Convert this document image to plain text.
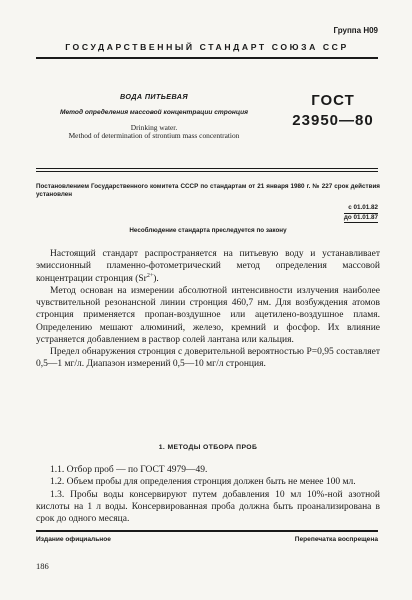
Группа Н09
ГОСУДАРСТВЕННЫЙ СТАНДАРТ СОЮЗА ССР
ВОДА ПИТЬЕВАЯ
Метод определения массовой концентрации стронция
Drinking water.
Method of determination of strontium mass concentration
ГОСТ
23950—80
Постановлением Государственного комитета СССР по стандартам от 21 января 1980 г. № 227 срок действия установлен
с 01.01.82
до 01.01.87
Несоблюдение стандарта преследуется по закону

Настоящий стандарт распространяется на питьевую воду и устанавливает эмиссионный пламенно-фотометрический метод определения массовой концентрации стронция $(Sr^{2+})$.

Метод основан на измерении абсолютной интенсивности излучения наиболее чувствительной резонансной линии стронция 460,7 нм. Для возбуждения атомов стронция применяется пропан-воздушное или ацетилено-воздушное пламя. Определению мешают алюминий, железо, кремний и фосфор. Их влияние устраняется добавлением в раствор солей лантана или кальция.

Предел обнаружения стронция с доверительной вероятностью P=0,95 составляет 0,5—1 мг/л. Диапазон измерений 0,5—10 мг/л стронция.

1. МЕТОДЫ ОТБОРА ПРОБ

1.1. Отбор проб — по ГОСТ 4979—49.

1.2. Объем пробы для определения стронция должен быть не менее 100 мл.

1.3. Пробы воды консервируют путем добавления 10 мл 10%-ной азотной кислоты на 1 л воды. Консервированная проба должна быть проанализирована в срок до одного месяца.

Издание официальное	Перепечатка воспрещена
186
